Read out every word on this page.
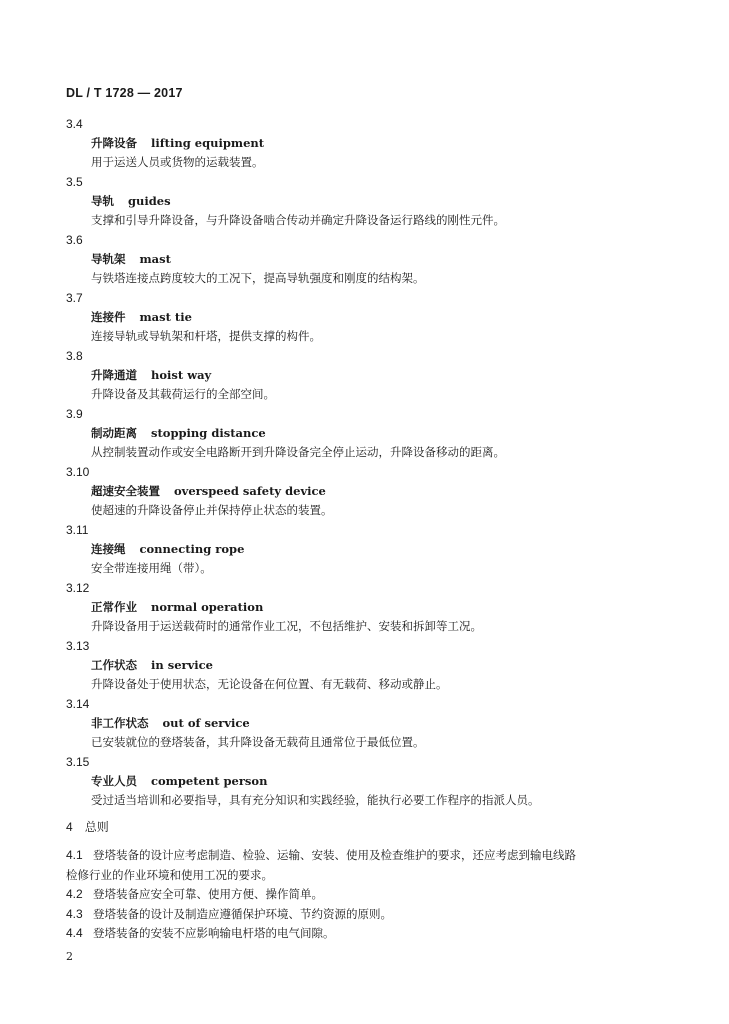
DL / T 1728 — 2017
3.4
升降设备 lifting equipment
用于运送人员或货物的运载装置。
3.5
导轨 guides
支撑和引导升降设备，与升降设备啮合传动并确定升降设备运行路线的刚性元件。
3.6
导轨架 mast
与铁塔连接点跨度较大的工况下，提高导轨强度和刚度的结构架。
3.7
连接件 mast tie
连接导轨或导轨架和杆塔，提供支撑的构件。
3.8
升降通道 hoist way
升降设备及其载荷运行的全部空间。
3.9
制动距离 stopping distance
从控制装置动作或安全电路断开到升降设备完全停止运动，升降设备移动的距离。
3.10
超速安全装置 overspeed safety device
使超速的升降设备停止并保持停止状态的装置。
3.11
连接绳 connecting rope
安全带连接用绳（带）。
3.12
正常作业 normal operation
升降设备用于运送载荷时的通常作业工况，不包括维护、安装和拆卸等工况。
3.13
工作状态 in service
升降设备处于使用状态，无论设备在何位置、有无载荷、移动或静止。
3.14
非工作状态 out of service
已安装就位的登塔装备，其升降设备无载荷且通常位于最低位置。
3.15
专业人员 competent person
受过适当培训和必要指导，具有充分知识和实践经验，能执行必要工作程序的指派人员。
4 总则
4.1 登塔装备的设计应考虑制造、检验、运输、安装、使用及检查维护的要求，还应考虑到输电线路
检修行业的作业环境和使用工况的要求。
4.2 登塔装备应安全可靠、使用方便、操作简单。
4.3 登塔装备的设计及制造应遵循保护环境、节约资源的原则。
4.4 登塔装备的安装不应影响输电杆塔的电气间隙。
2
